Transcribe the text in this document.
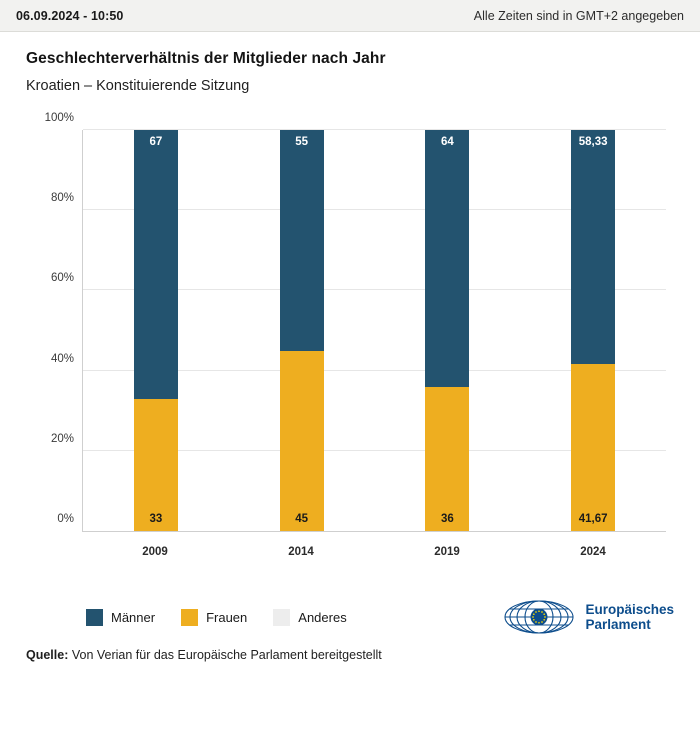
06.09.2024 - 10:50	Alle Zeiten sind in GMT+2 angegeben
Geschlechterverhältnis der Mitglieder nach Jahr

Kroatien – Konstituierende Sitzung

0%
20%
40%
60%
80%
100%
67
33
55
45
64
36
58,33
41,67
2009	2014	2019	2024
Männer	Frauen	Anderes
Europäisches
Parlament
Quelle: Von Verian für das Europäische Parlament bereitgestellt
